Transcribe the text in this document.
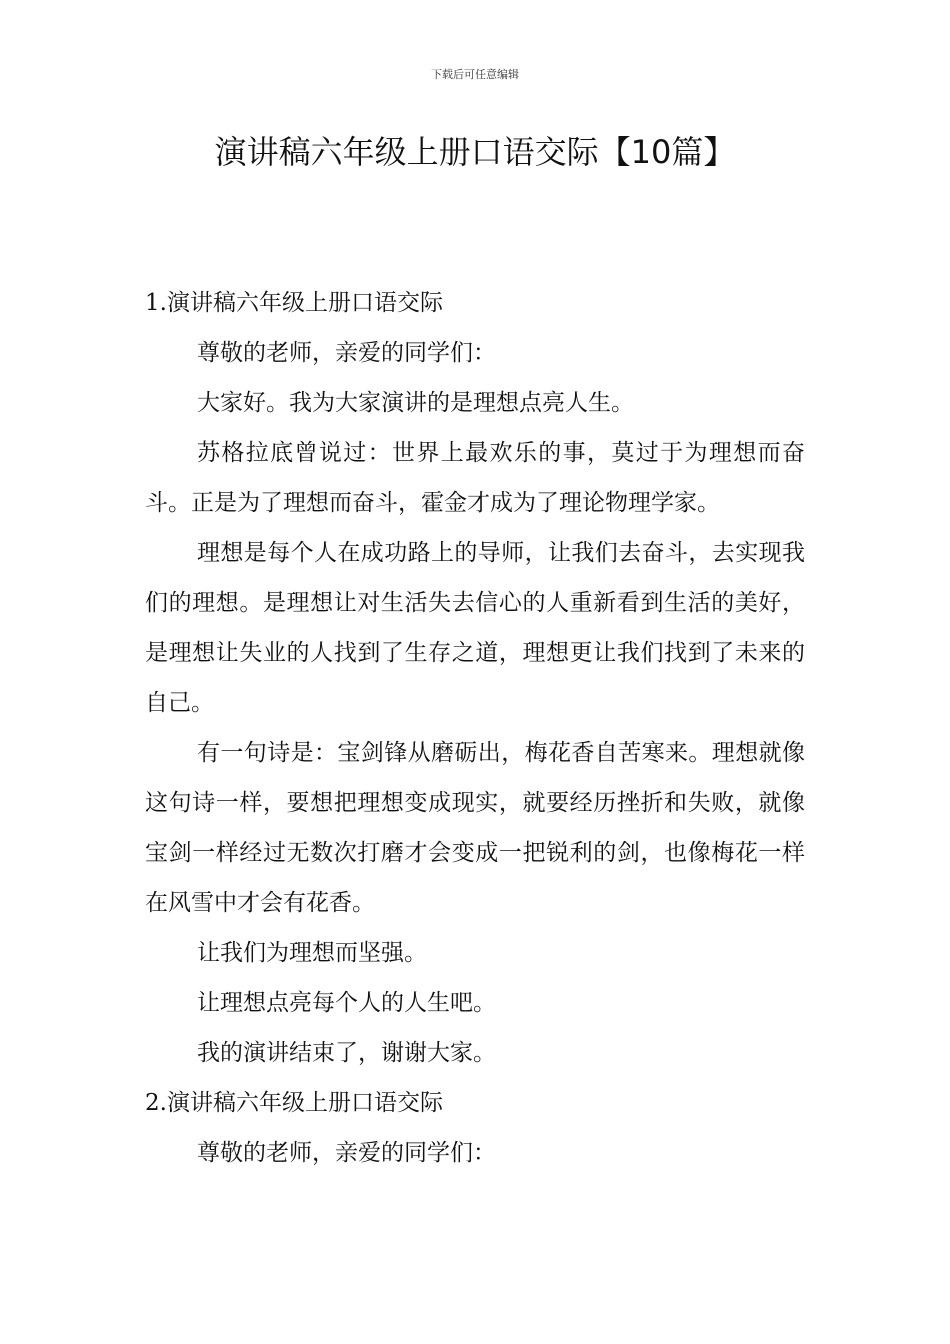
下载后可任意编辑
演讲稿六年级上册口语交际【10篇】

1.演讲稿六年级上册口语交际

尊敬的老师，亲爱的同学们：

大家好。我为大家演讲的是理想点亮人生。

苏格拉底曾说过：世界上最欢乐的事，莫过于为理想而奋斗。正是为了理想而奋斗，霍金才成为了理论物理学家。

理想是每个人在成功路上的导师，让我们去奋斗，去实现我们的理想。是理想让对生活失去信心的人重新看到生活的美好，是理想让失业的人找到了生存之道，理想更让我们找到了未来的自己。

有一句诗是：宝剑锋从磨砺出，梅花香自苦寒来。理想就像这句诗一样，要想把理想变成现实，就要经历挫折和失败，就像宝剑一样经过无数次打磨才会变成一把锐利的剑，也像梅花一样在风雪中才会有花香。

让我们为理想而坚强。

让理想点亮每个人的人生吧。

我的演讲结束了，谢谢大家。

2.演讲稿六年级上册口语交际

尊敬的老师，亲爱的同学们：
